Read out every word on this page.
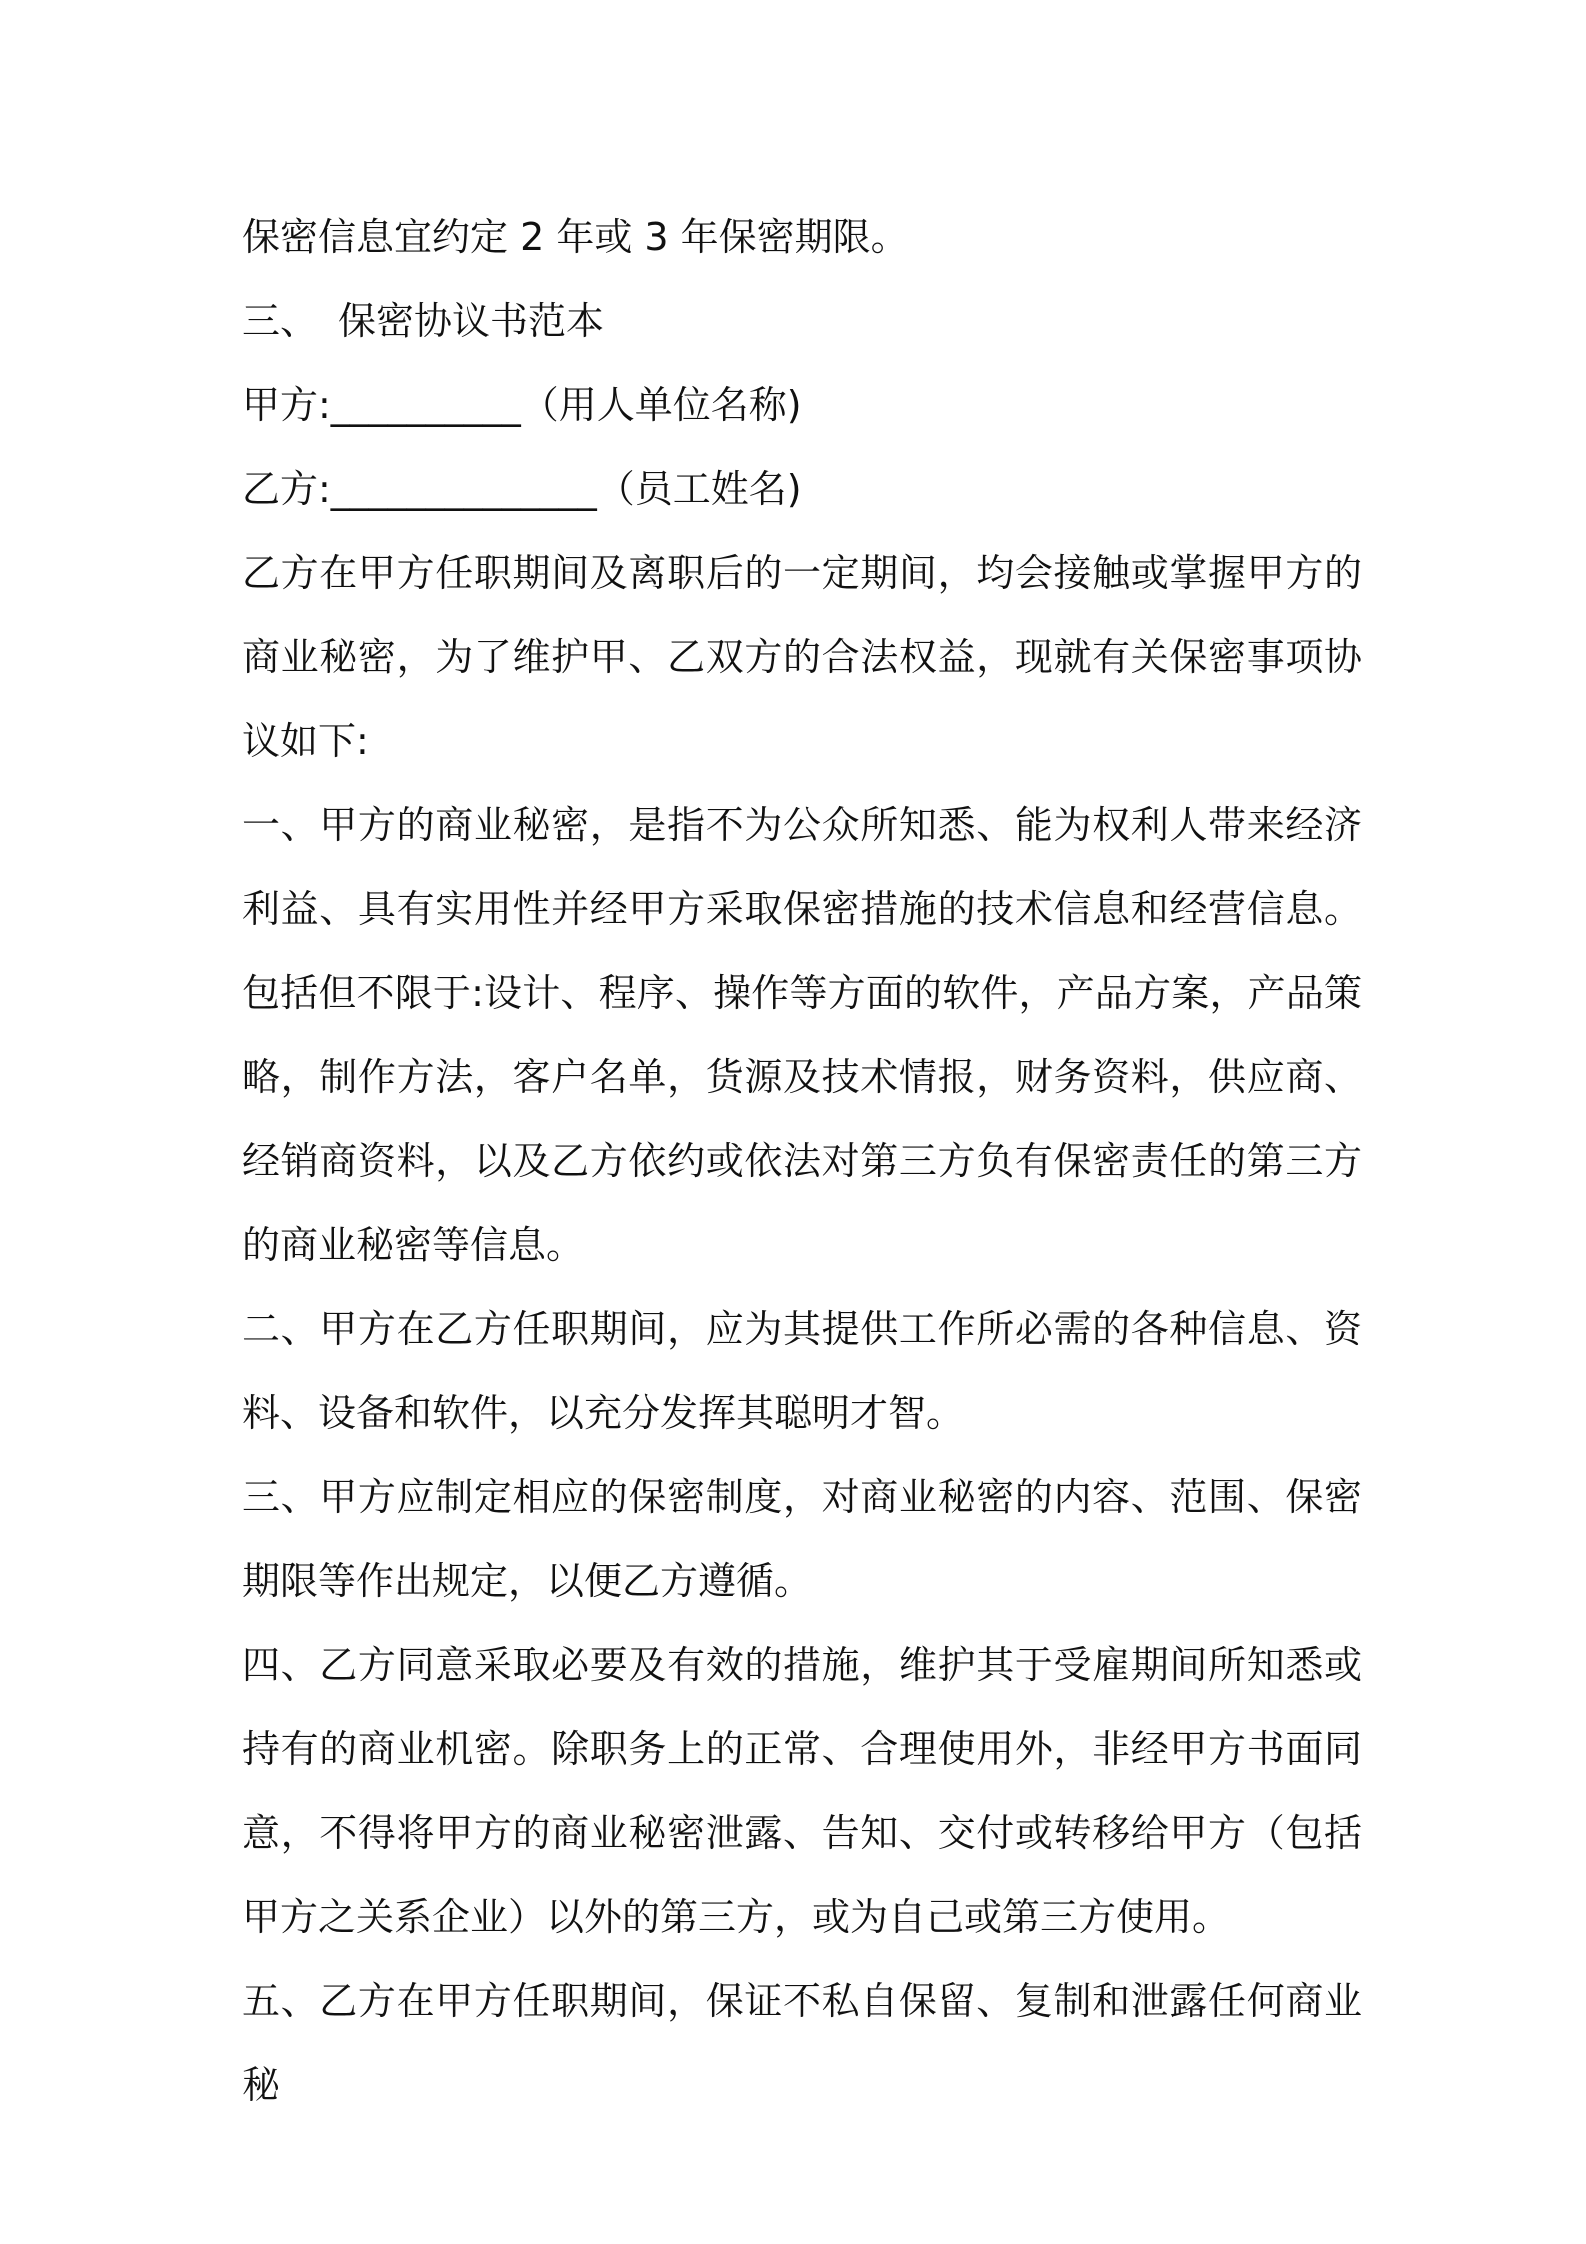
保密信息宜约定 2 年或 3 年保密期限。

三、 保密协议书范本

甲方:__________（用人单位名称)

乙方:______________（员工姓名)

乙方在甲方任职期间及离职后的一定期间，均会接触或掌握甲方的商业秘密，为了维护甲、乙双方的合法权益，现就有关保密事项协议如下:

一、甲方的商业秘密，是指不为公众所知悉、能为权利人带来经济利益、具有实用性并经甲方采取保密措施的技术信息和经营信息。包括但不限于:设计、程序、操作等方面的软件，产品方案，产品策略，制作方法，客户名单，货源及技术情报，财务资料，供应商、经销商资料，以及乙方依约或依法对第三方负有保密责任的第三方的商业秘密等信息。

二、甲方在乙方任职期间，应为其提供工作所必需的各种信息、资料、设备和软件，以充分发挥其聪明才智。

三、甲方应制定相应的保密制度，对商业秘密的内容、范围、保密期限等作出规定，以便乙方遵循。

四、乙方同意采取必要及有效的措施，维护其于受雇期间所知悉或持有的商业机密。除职务上的正常、合理使用外，非经甲方书面同意，不得将甲方的商业秘密泄露、告知、交付或转移给甲方（包括甲方之关系企业）以外的第三方，或为自己或第三方使用。

五、乙方在甲方任职期间，保证不私自保留、复制和泄露任何商业秘
